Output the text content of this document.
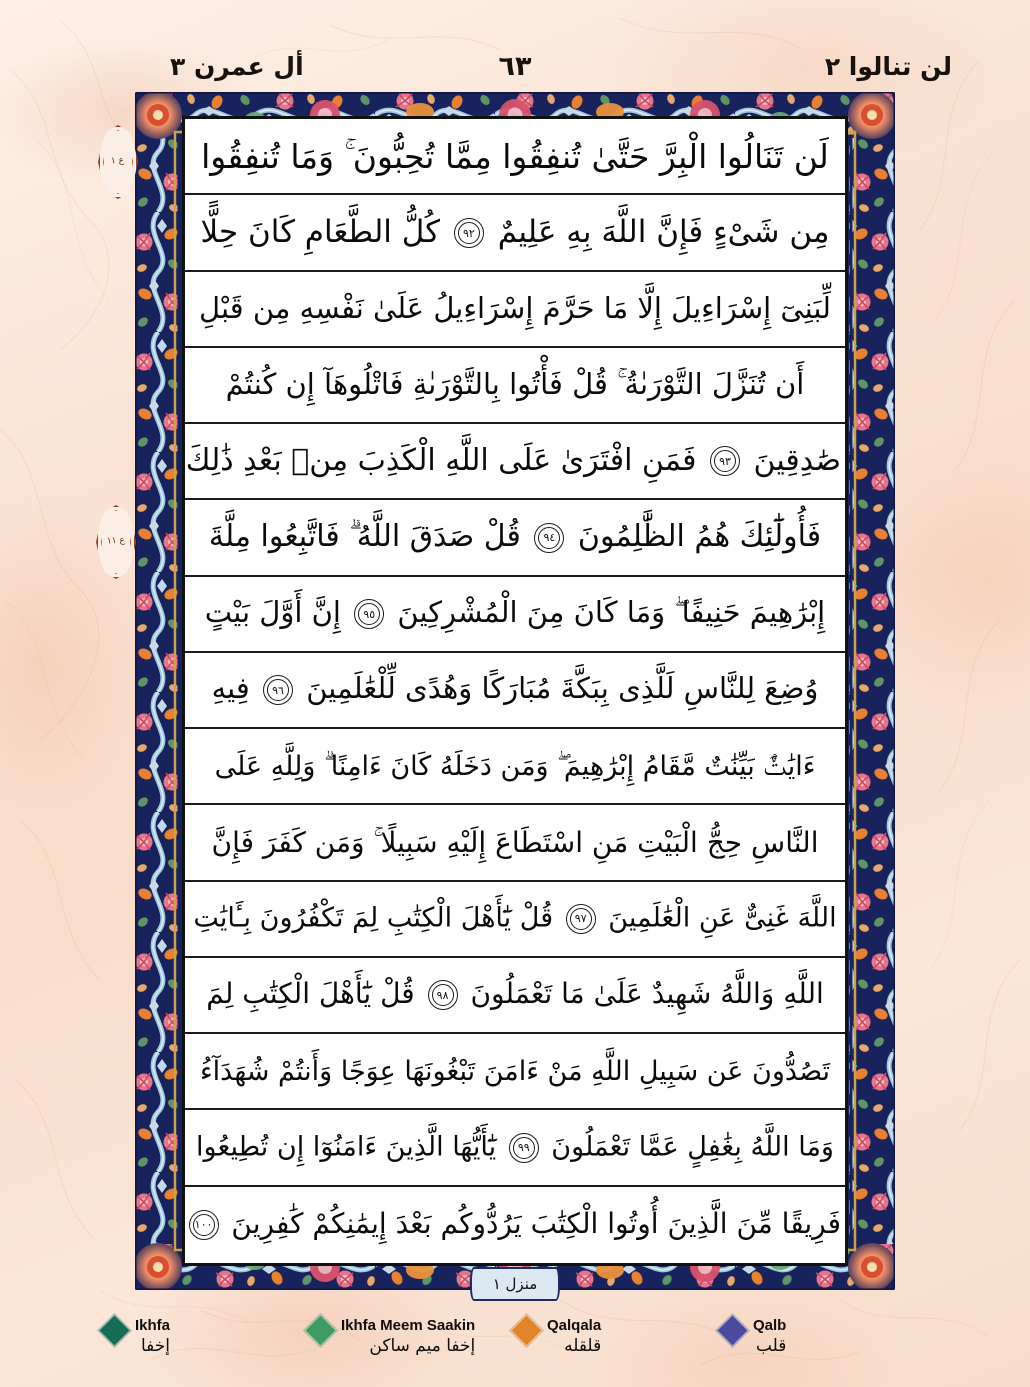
لن تنالوا ٢
٦٣
أل عمرن ٣
منزل ١
ع ١
ع ١١
لَن تَنَالُوا الْبِرَّ حَتَّىٰ تُنفِقُوا مِمَّا تُحِبُّونَ ۚ وَمَا تُنفِقُوا
مِن شَىْءٍ فَإِنَّ اللَّهَ بِهِ عَلِيمٌ
٩٢
كُلُّ الطَّعَامِ كَانَ حِلًّا
لِّبَنِىٓ إِسْرَاءِيلَ إِلَّا مَا حَرَّمَ إِسْرَاءِيلُ عَلَىٰ نَفْسِهِ مِن قَبْلِ
أَن تُنَزَّلَ التَّوْرَىٰةُ ۚ قُلْ فَأْتُوا بِالتَّوْرَىٰةِ فَاتْلُوهَآ إِن كُنتُمْ
صَٰدِقِينَ
٩٣
فَمَنِ افْتَرَىٰ عَلَى اللَّهِ الْكَذِبَ مِنۢ بَعْدِ ذَٰلِكَ
فَأُولَٰٓئِكَ هُمُ الظَّٰلِمُونَ
٩٤
قُلْ صَدَقَ اللَّهُ ۗ فَاتَّبِعُوا مِلَّةَ
إِبْرَٰهِيمَ حَنِيفًا ۖ وَمَا كَانَ مِنَ الْمُشْرِكِينَ
٩٥
إِنَّ أَوَّلَ بَيْتٍ
وُضِعَ لِلنَّاسِ لَلَّذِى بِبَكَّةَ مُبَارَكًا وَهُدًى لِّلْعَٰلَمِينَ
٩٦
فِيهِ
ءَايَٰتٌۢ بَيِّنَٰتٌ مَّقَامُ إِبْرَٰهِيمَ ۖ وَمَن دَخَلَهُ كَانَ ءَامِنًا ۗ وَلِلَّهِ عَلَى
النَّاسِ حِجُّ الْبَيْتِ مَنِ اسْتَطَاعَ إِلَيْهِ سَبِيلًا ۚ وَمَن كَفَرَ فَإِنَّ
اللَّهَ غَنِىٌّ عَنِ الْعَٰلَمِينَ
٩٧
قُلْ يَٰٓأَهْلَ الْكِتَٰبِ لِمَ تَكْفُرُونَ بِـَٔايَٰتِ
اللَّهِ وَاللَّهُ شَهِيدٌ عَلَىٰ مَا تَعْمَلُونَ
٩٨
قُلْ يَٰٓأَهْلَ الْكِتَٰبِ لِمَ
تَصُدُّونَ عَن سَبِيلِ اللَّهِ مَنْ ءَامَنَ تَبْغُونَهَا عِوَجًا وَأَنتُمْ شُهَدَآءُ
وَمَا اللَّهُ بِغَٰفِلٍ عَمَّا تَعْمَلُونَ
٩٩
يَٰٓأَيُّهَا الَّذِينَ ءَامَنُوٓا إِن تُطِيعُوا
فَرِيقًا مِّنَ الَّذِينَ أُوتُوا الْكِتَٰبَ يَرُدُّوكُم بَعْدَ إِيمَٰنِكُمْ كَٰفِرِينَ
١٠٠
Ikhfa
إخفا
Ikhfa Meem Saakin
إخفا ميم ساكن
Qalqala
قلقله
Qalb
قلب
